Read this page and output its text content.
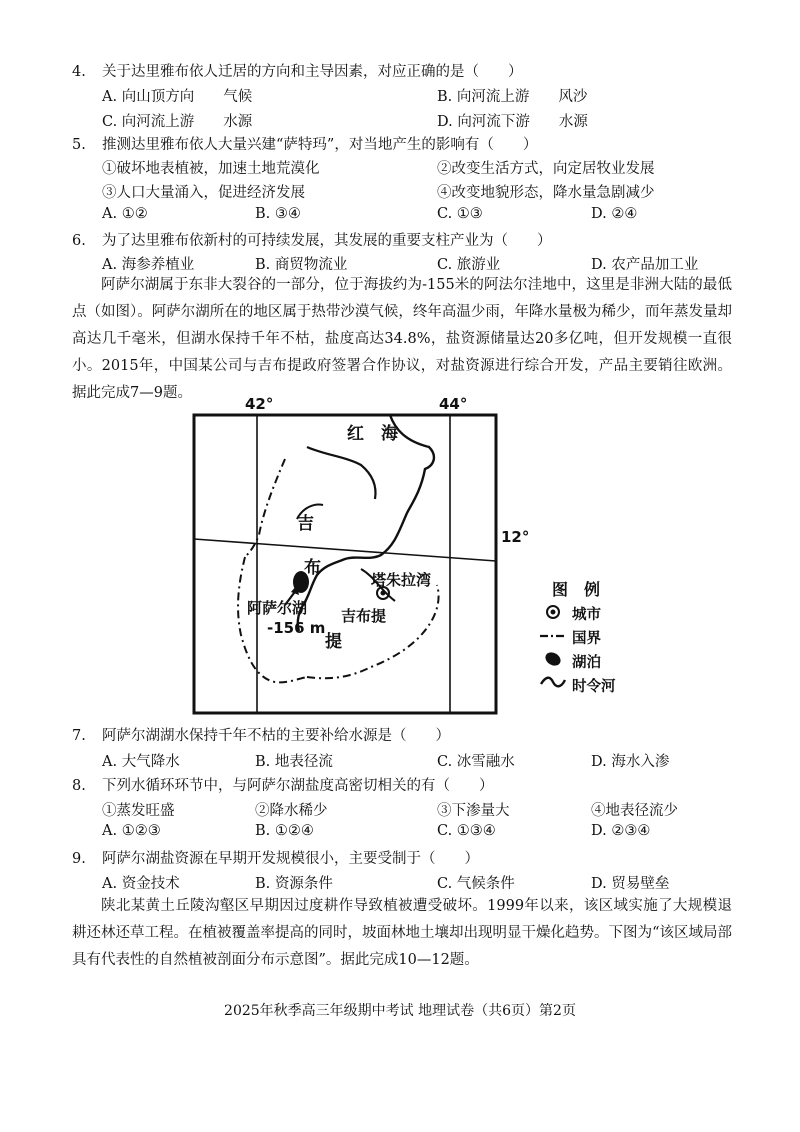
4. 关于达里雅布依人迁居的方向和主导因素，对应正确的是（　　）
A. 向山顶方向　　气候	B. 向河流上游　　风沙
C. 向河流上游　　水源	D. 向河流下游　　水源
5. 推测达里雅布依人大量兴建“萨特玛”，对当地产生的影响有（　　）
①破坏地表植被，加速土地荒漠化	②改变生活方式，向定居牧业发展
③人口大量涌入，促进经济发展	④改变地貌形态，降水量急剧减少
A. ①②	B. ③④	C. ①③	D. ②④
6. 为了达里雅布依新村的可持续发展，其发展的重要支柱产业为（　　）
A. 海参养植业	B. 商贸物流业	C. 旅游业	D. 农产品加工业

阿萨尔湖属于东非大裂谷的一部分，位于海拔约为-155米的阿法尔洼地中，这里是非洲大陆的最低点（如图）。阿萨尔湖所在的地区属于热带沙漠气候，终年高温少雨，年降水量极为稀少，而年蒸发量却高达几千毫米，但湖水保持千年不枯，盐度高达34.8%，盐资源储量达20多亿吨，但开发规模一直很小。2015年，中国某公司与吉布提政府签署合作协议，对盐资源进行综合开发，产品主要销往欧洲。据此完成7—9题。

42°	44°
12°
红　海
吉
布
提
阿萨尔湖
-156 m
吉布提
塔朱拉湾	图　例
城市
国界
湖泊
时令河
7. 阿萨尔湖湖水保持千年不枯的主要补给水源是（　　）
A. 大气降水	B. 地表径流	C. 冰雪融水	D. 海水入渗
8. 下列水循环环节中，与阿萨尔湖盐度高密切相关的有（　　）
①蒸发旺盛	②降水稀少	③下渗量大	④地表径流少
A. ①②③	B. ①②④	C. ①③④	D. ②③④
9. 阿萨尔湖盐资源在早期开发规模很小，主要受制于（　　）
A. 资金技术	B. 资源条件	C. 气候条件	D. 贸易壁垒

陕北某黄土丘陵沟壑区早期因过度耕作导致植被遭受破坏。1999年以来，该区域实施了大规模退耕还林还草工程。在植被覆盖率提高的同时，坡面林地土壤却出现明显干燥化趋势。下图为“该区域局部具有代表性的自然植被剖面分布示意图”。据此完成10—12题。

2025年秋季高三年级期中考试 地理试卷（共6页）第2页
